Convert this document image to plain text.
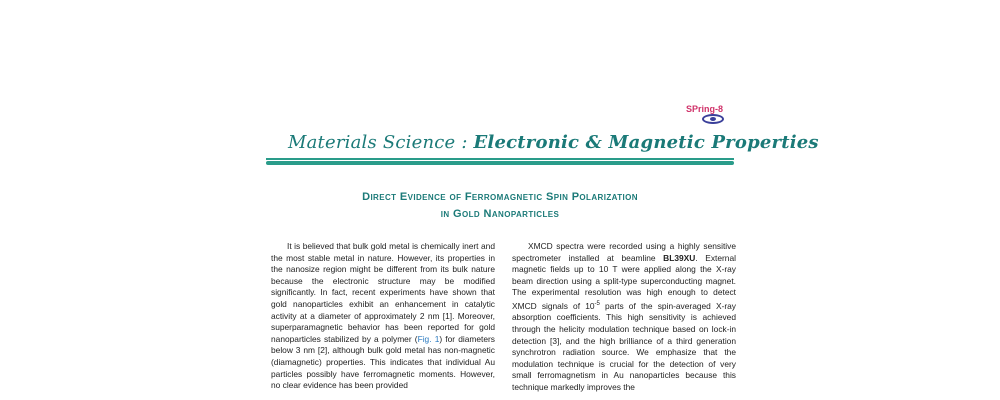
SPring-8
Materials Science : Electronic & Magnetic Properties
Direct Evidence of Ferromagnetic Spin Polarization
in Gold Nanoparticles

It is believed that bulk gold metal is chemically inert and the most stable metal in nature. However, its properties in the nanosize region might be different from its bulk nature because the electronic structure may be modified significantly. In fact, recent experiments have shown that gold nanoparticles exhibit an enhancement in catalytic activity at a diameter of approximately 2 nm [1]. Moreover, superparamagnetic behavior has been reported for gold nanoparticles stabilized by a polymer (Fig. 1) for diameters below 3 nm [2], although bulk gold metal has non-magnetic (diamagnetic) properties. This indicates that individual Au particles possibly have ferromagnetic moments. However, no clear evidence has been provided

XMCD spectra were recorded using a highly sensitive spectrometer installed at beamline BL39XU. External magnetic fields up to 10 T were applied along the X-ray beam direction using a split-type superconducting magnet. The experimental resolution was high enough to detect XMCD signals of $10^{-5}$ parts of the spin-averaged X-ray absorption coefficients. This high sensitivity is achieved through the helicity modulation technique based on lock-in detection [3], and the high brilliance of a third generation synchrotron radiation source. We emphasize that the modulation technique is crucial for the detection of very small ferromagnetism in Au nanoparticles because this technique markedly improves the
